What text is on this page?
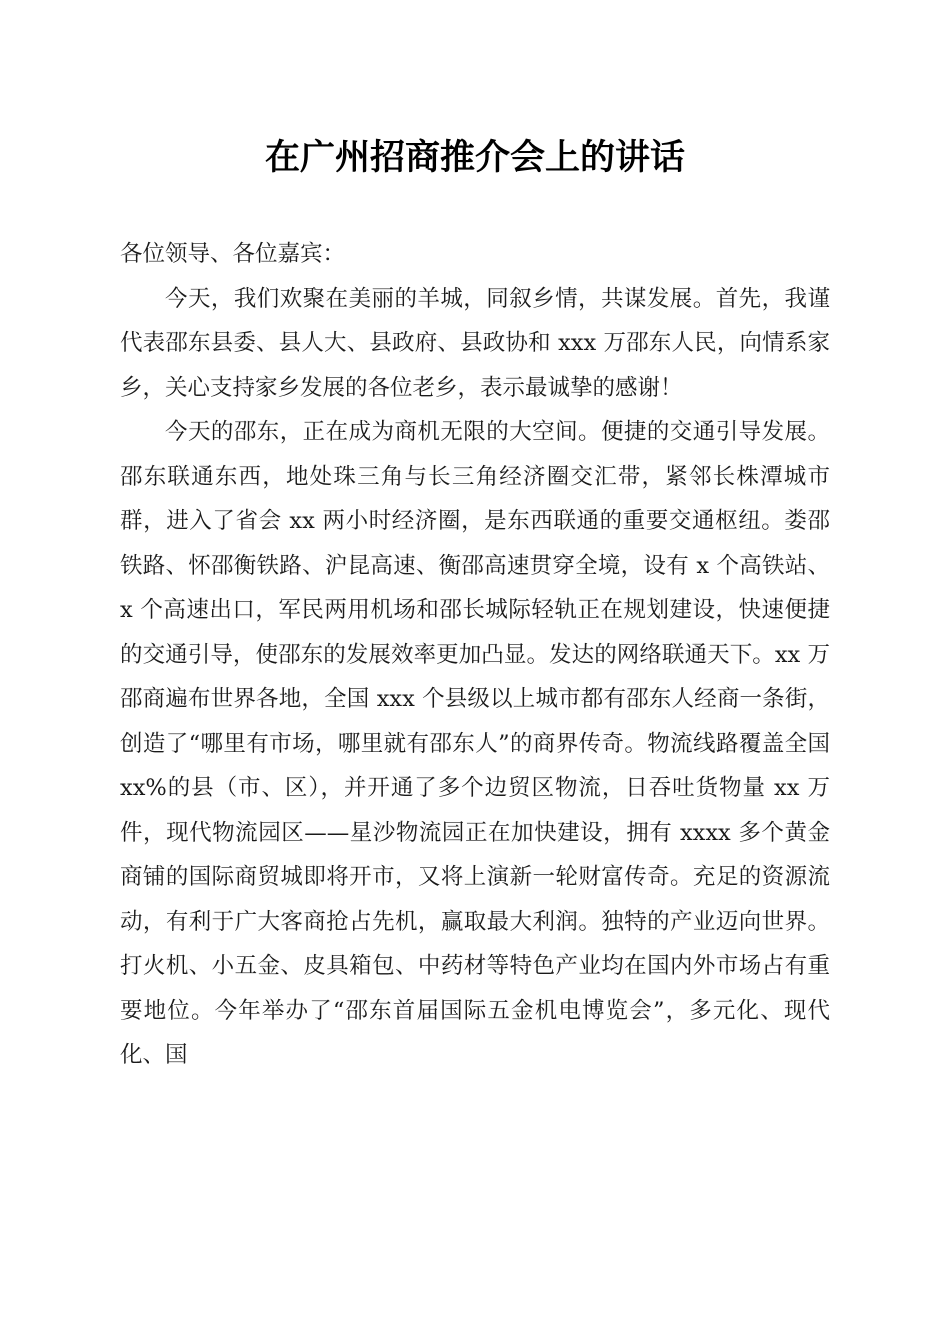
在广州招商推介会上的讲话

各位领导、各位嘉宾：

今天，我们欢聚在美丽的羊城，同叙乡情，共谋发展。首先，我谨代表邵东县委、县人大、县政府、县政协和 xxx 万邵东人民，向情系家乡，关心支持家乡发展的各位老乡，表示最诚挚的感谢！

今天的邵东，正在成为商机无限的大空间。便捷的交通引导发展。邵东联通东西，地处珠三角与长三角经济圈交汇带，紧邻长株潭城市群，进入了省会 xx 两小时经济圈，是东西联通的重要交通枢纽。娄邵铁路、怀邵衡铁路、沪昆高速、衡邵高速贯穿全境，设有 x 个高铁站、x 个高速出口，军民两用机场和邵长城际轻轨正在规划建设，快速便捷的交通引导，使邵东的发展效率更加凸显。发达的网络联通天下。xx 万邵商遍布世界各地，全国 xxx 个县级以上城市都有邵东人经商一条街，创造了“哪里有市场，哪里就有邵东人”的商界传奇。物流线路覆盖全国 xx%的县（市、区），并开通了多个边贸区物流，日吞吐货物量 xx 万件，现代物流园区——星沙物流园正在加快建设，拥有 xxxx 多个黄金商铺的国际商贸城即将开市，又将上演新一轮财富传奇。充足的资源流动，有利于广大客商抢占先机，赢取最大利润。独特的产业迈向世界。打火机、小五金、皮具箱包、中药材等特色产业均在国内外市场占有重要地位。今年举办了“邵东首届国际五金机电博览会”，多元化、现代化、国
